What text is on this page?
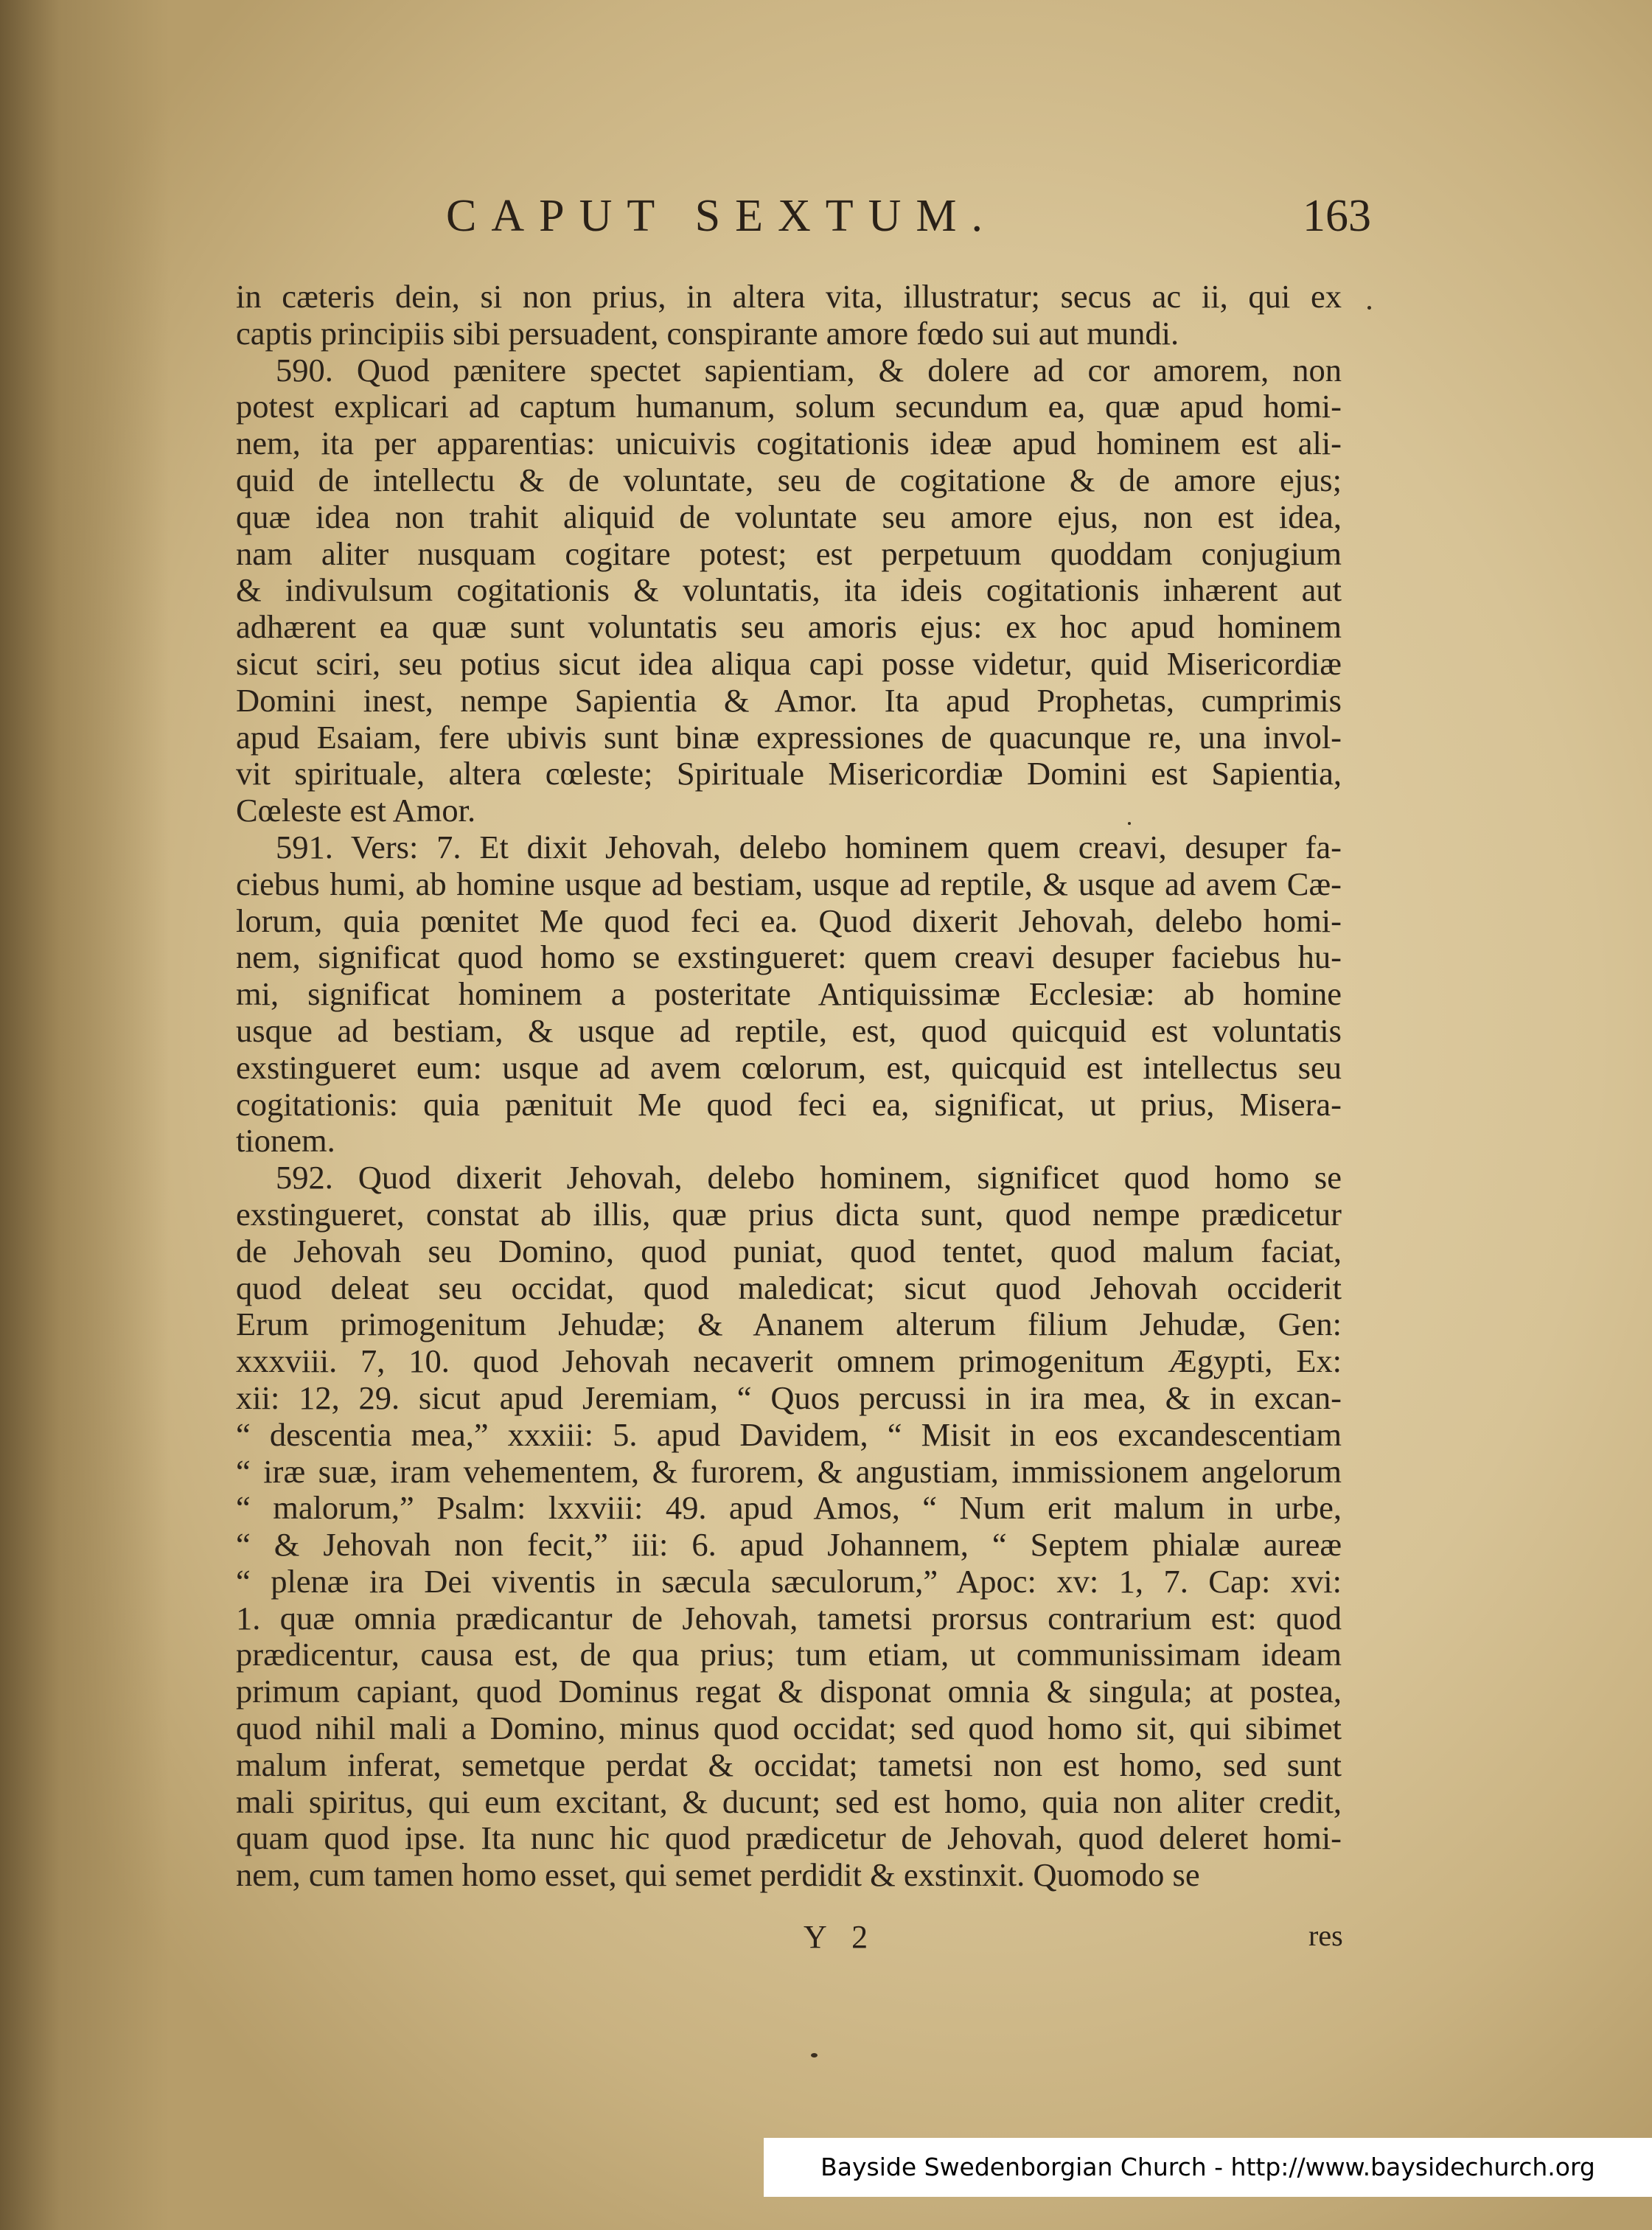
CAPUT SEXTUM.	163
in cæteris dein, si non prius, in altera vita, illustratur; secus ac ii, qui ex
captis principiis sibi persuadent, conspirante amore fœdo sui aut mundi.
590. Quod pænitere spectet sapientiam, & dolere ad cor amorem, non
potest explicari ad captum humanum, solum secundum ea, quæ apud homi-
nem, ita per apparentias: unicuivis cogitationis ideæ apud hominem est ali-
quid de intellectu & de voluntate, seu de cogitatione & de amore ejus;
quæ idea non trahit aliquid de voluntate seu amore ejus, non est idea,
nam aliter nusquam cogitare potest; est perpetuum quoddam conjugium
& indivulsum cogitationis & voluntatis, ita ideis cogitationis inhærent aut
adhærent ea quæ sunt voluntatis seu amoris ejus: ex hoc apud hominem
sicut sciri, seu potius sicut idea aliqua capi posse videtur, quid Misericordiæ
Domini inest, nempe Sapientia & Amor. Ita apud Prophetas, cumprimis
apud Esaiam, fere ubivis sunt binæ expressiones de quacunque re, una invol-
vit spirituale, altera cœleste; Spirituale Misericordiæ Domini est Sapientia,
Cœleste est Amor.
591. Vers: 7. Et dixit Jehovah, delebo hominem quem creavi, desuper fa-
ciebus humi, ab homine usque ad bestiam, usque ad reptile, & usque ad avem Cæ-
lorum, quia pœnitet Me quod feci ea. Quod dixerit Jehovah, delebo homi-
nem, significat quod homo se exstingueret: quem creavi desuper faciebus hu-
mi, significat hominem a posteritate Antiquissimæ Ecclesiæ: ab homine
usque ad bestiam, & usque ad reptile, est, quod quicquid est voluntatis
exstingueret eum: usque ad avem cœlorum, est, quicquid est intellectus seu
cogitationis: quia pænituit Me quod feci ea, significat, ut prius, Misera-
tionem.
592. Quod dixerit Jehovah, delebo hominem, significet quod homo se
exstingueret, constat ab illis, quæ prius dicta sunt, quod nempe prædicetur
de Jehovah seu Domino, quod puniat, quod tentet, quod malum faciat,
quod deleat seu occidat, quod maledicat; sicut quod Jehovah occiderit
Erum primogenitum Jehudæ; & Ananem alterum filium Jehudæ, Gen:
xxxviii. 7, 10. quod Jehovah necaverit omnem primogenitum Ægypti, Ex:
xii: 12, 29. sicut apud Jeremiam, “ Quos percussi in ira mea, & in excan-
“ descentia mea,” xxxiii: 5. apud Davidem, “ Misit in eos excandescentiam
“ iræ suæ, iram vehementem, & furorem, & angustiam, immissionem angelorum
“ malorum,” Psalm: lxxviii: 49. apud Amos, “ Num erit malum in urbe,
“ & Jehovah non fecit,” iii: 6. apud Johannem, “ Septem phialæ aureæ
“ plenæ ira Dei viventis in sæcula sæculorum,” Apoc: xv: 1, 7. Cap: xvi:
1. quæ omnia prædicantur de Jehovah, tametsi prorsus contrarium est: quod
prædicentur, causa est, de qua prius; tum etiam, ut communissimam ideam
primum capiant, quod Dominus regat & disponat omnia & singula; at postea,
quod nihil mali a Domino, minus quod occidat; sed quod homo sit, qui sibimet
malum inferat, semetque perdat & occidat; tametsi non est homo, sed sunt
mali spiritus, qui eum excitant, & ducunt; sed est homo, quia non aliter credit,
quam quod ipse. Ita nunc hic quod prædicetur de Jehovah, quod deleret homi-
nem, cum tamen homo esset, qui semet perdidit & exstinxit. Quomodo se
Y 2	res
Bayside Swedenborgian Church - http://www.baysidechurch.org
